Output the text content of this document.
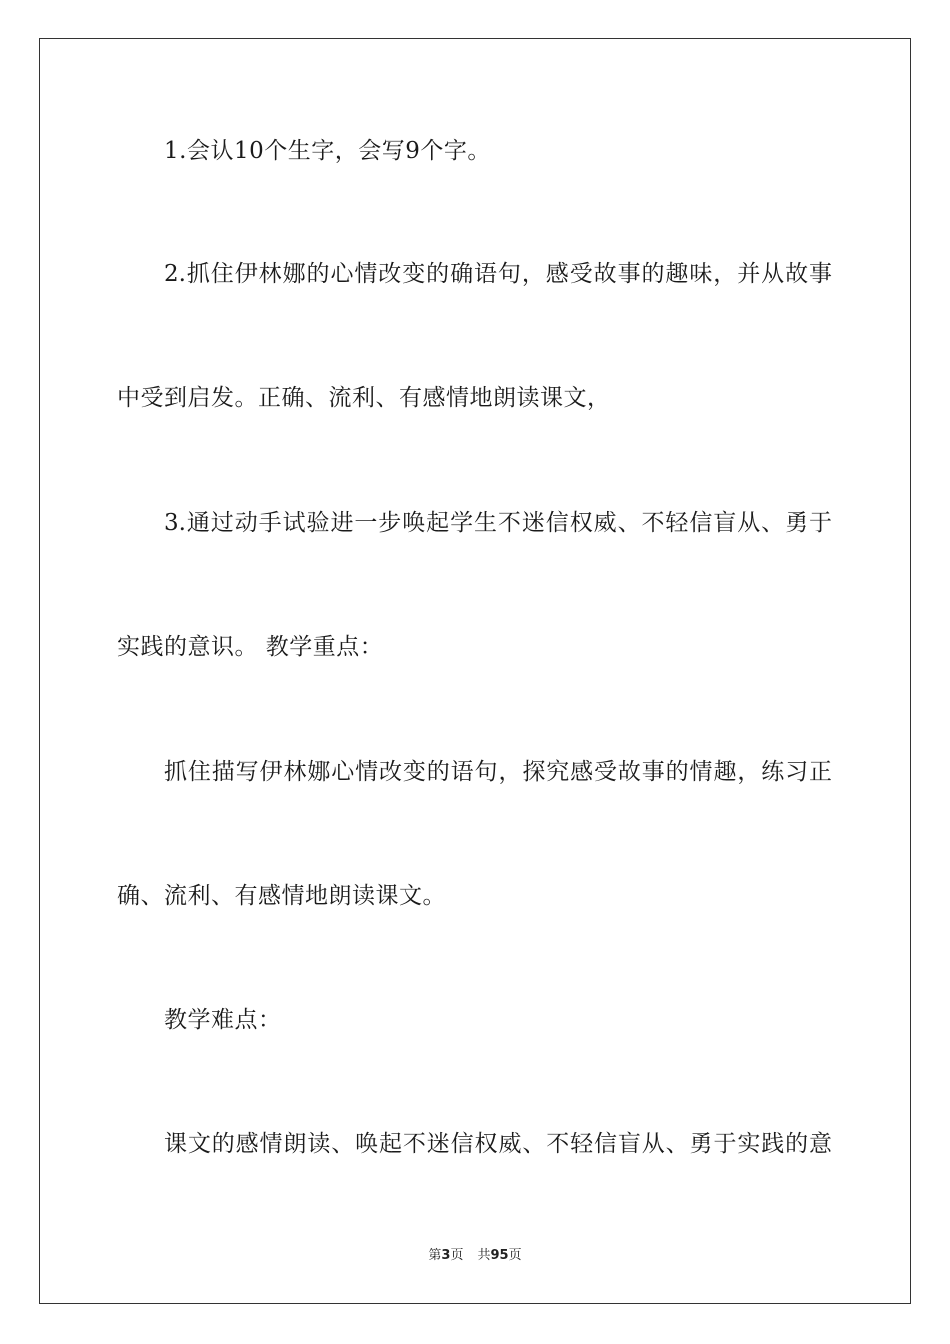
1.会认10个生字，会写9个字。
2.抓住伊林娜的心情改变的确语句，感受故事的趣味，并从故事
中受到启发。正确、流利、有感情地朗读课文，
3.通过动手试验进一步唤起学生不迷信权威、不轻信盲从、勇于
实践的意识。 教学重点：
抓住描写伊林娜心情改变的语句，探究感受故事的情趣，练习正
确、流利、有感情地朗读课文。
教学难点：
课文的感情朗读、唤起不迷信权威、不轻信盲从、勇于实践的意
第3页 共95页
